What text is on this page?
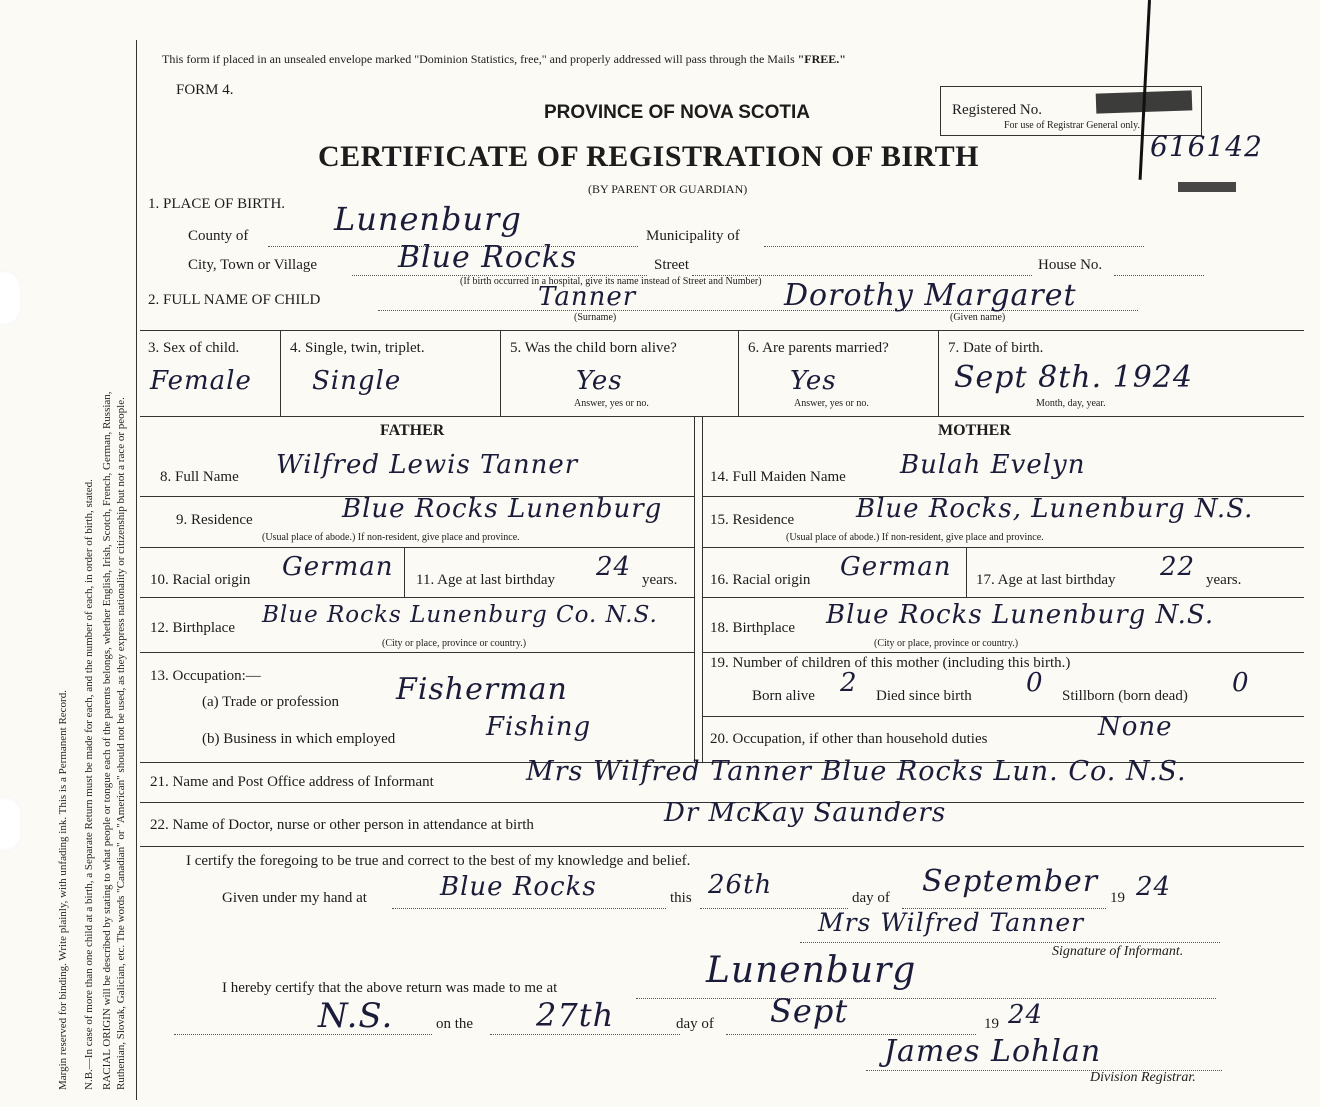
Margin reserved for binding. Write plainly, with unfading ink. This is a Permanent Record. N.B.—In case of more than one child at a birth, a Separate Return must be made for each, and the number of each, in order of birth, stated. RACIAL ORIGIN will be described by stating to what people or tongue each of the parents belongs, whether English, Irish, Scotch, French, German, Russian, Ruthenian, Slovak, Galician, etc. The words "Canadian" or "American" should not be used, as they express nationality or citizenship but not a race or people.
This form if placed in an unsealed envelope marked "Dominion Statistics, free," and properly addressed will pass through the Mails "FREE."
FORM 4.
PROVINCE OF NOVA SCOTIA
CERTIFICATE OF REGISTRATION OF BIRTH
(BY PARENT OR GUARDIAN)
Registered No.
For use of Registrar General only.
616142
1. PLACE OF BIRTH.
County of	Lunenburg	Municipality of
City, Town or Village	Blue Rocks	Street	House No.
(If birth occurred in a hospital, give its name instead of Street and Number)
2. FULL NAME OF CHILD	Tanner
(Surname)
Dorothy Margaret
(Given name)
3. Sex of child.
Female
4. Single, twin, triplet.
Single
5. Was the child born alive?
Yes
Answer, yes or no.
6. Are parents married?
Yes
Answer, yes or no.
7. Date of birth.
Sept 8th. 1924
Month, day, year.
FATHER	MOTHER
8. Full Name Wilfred Lewis Tanner
9. Residence	Blue Rocks Lunenburg
(Usual place of abode.) If non-resident, give place and province.
10. Racial origin German 11. Age at last birthday 24 years.
12. Birthplace Blue Rocks Lunenburg Co. N.S.
(City or place, province or country.)
13. Occupation:—
(a) Trade or profession Fisherman
(b) Business in which employed	Fishing
14. Full Maiden Name Bulah Evelyn
15. Residence Blue Rocks, Lunenburg N.S.
(Usual place of abode.) If non-resident, give place and province.
16. Racial origin German 17. Age at last birthday 22 years.
18. Birthplace Blue Rocks Lunenburg N.S.
(City or place, province or country.)
19. Number of children of this mother (including this birth.)
Born alive 2 Died since birth 0 Stillborn (born dead) 0
20. Occupation, if other than household duties	None
21. Name and Post Office address of Informant	Mrs Wilfred Tanner Blue Rocks Lun. Co. N.S.
22. Name of Doctor, nurse or other person in attendance at birth	Dr McKay Saunders
I certify the foregoing to be true and correct to the best of my knowledge and belief.
Given under my hand at	Blue Rocks	this 26th	day of September 19 24
Mrs Wilfred Tanner
Signature of Informant.
I hereby certify that the above return was made to me at	Lunenburg
N.S.	on the 27th	day of Sept	19 24
James Lohlan
Division Registrar.
